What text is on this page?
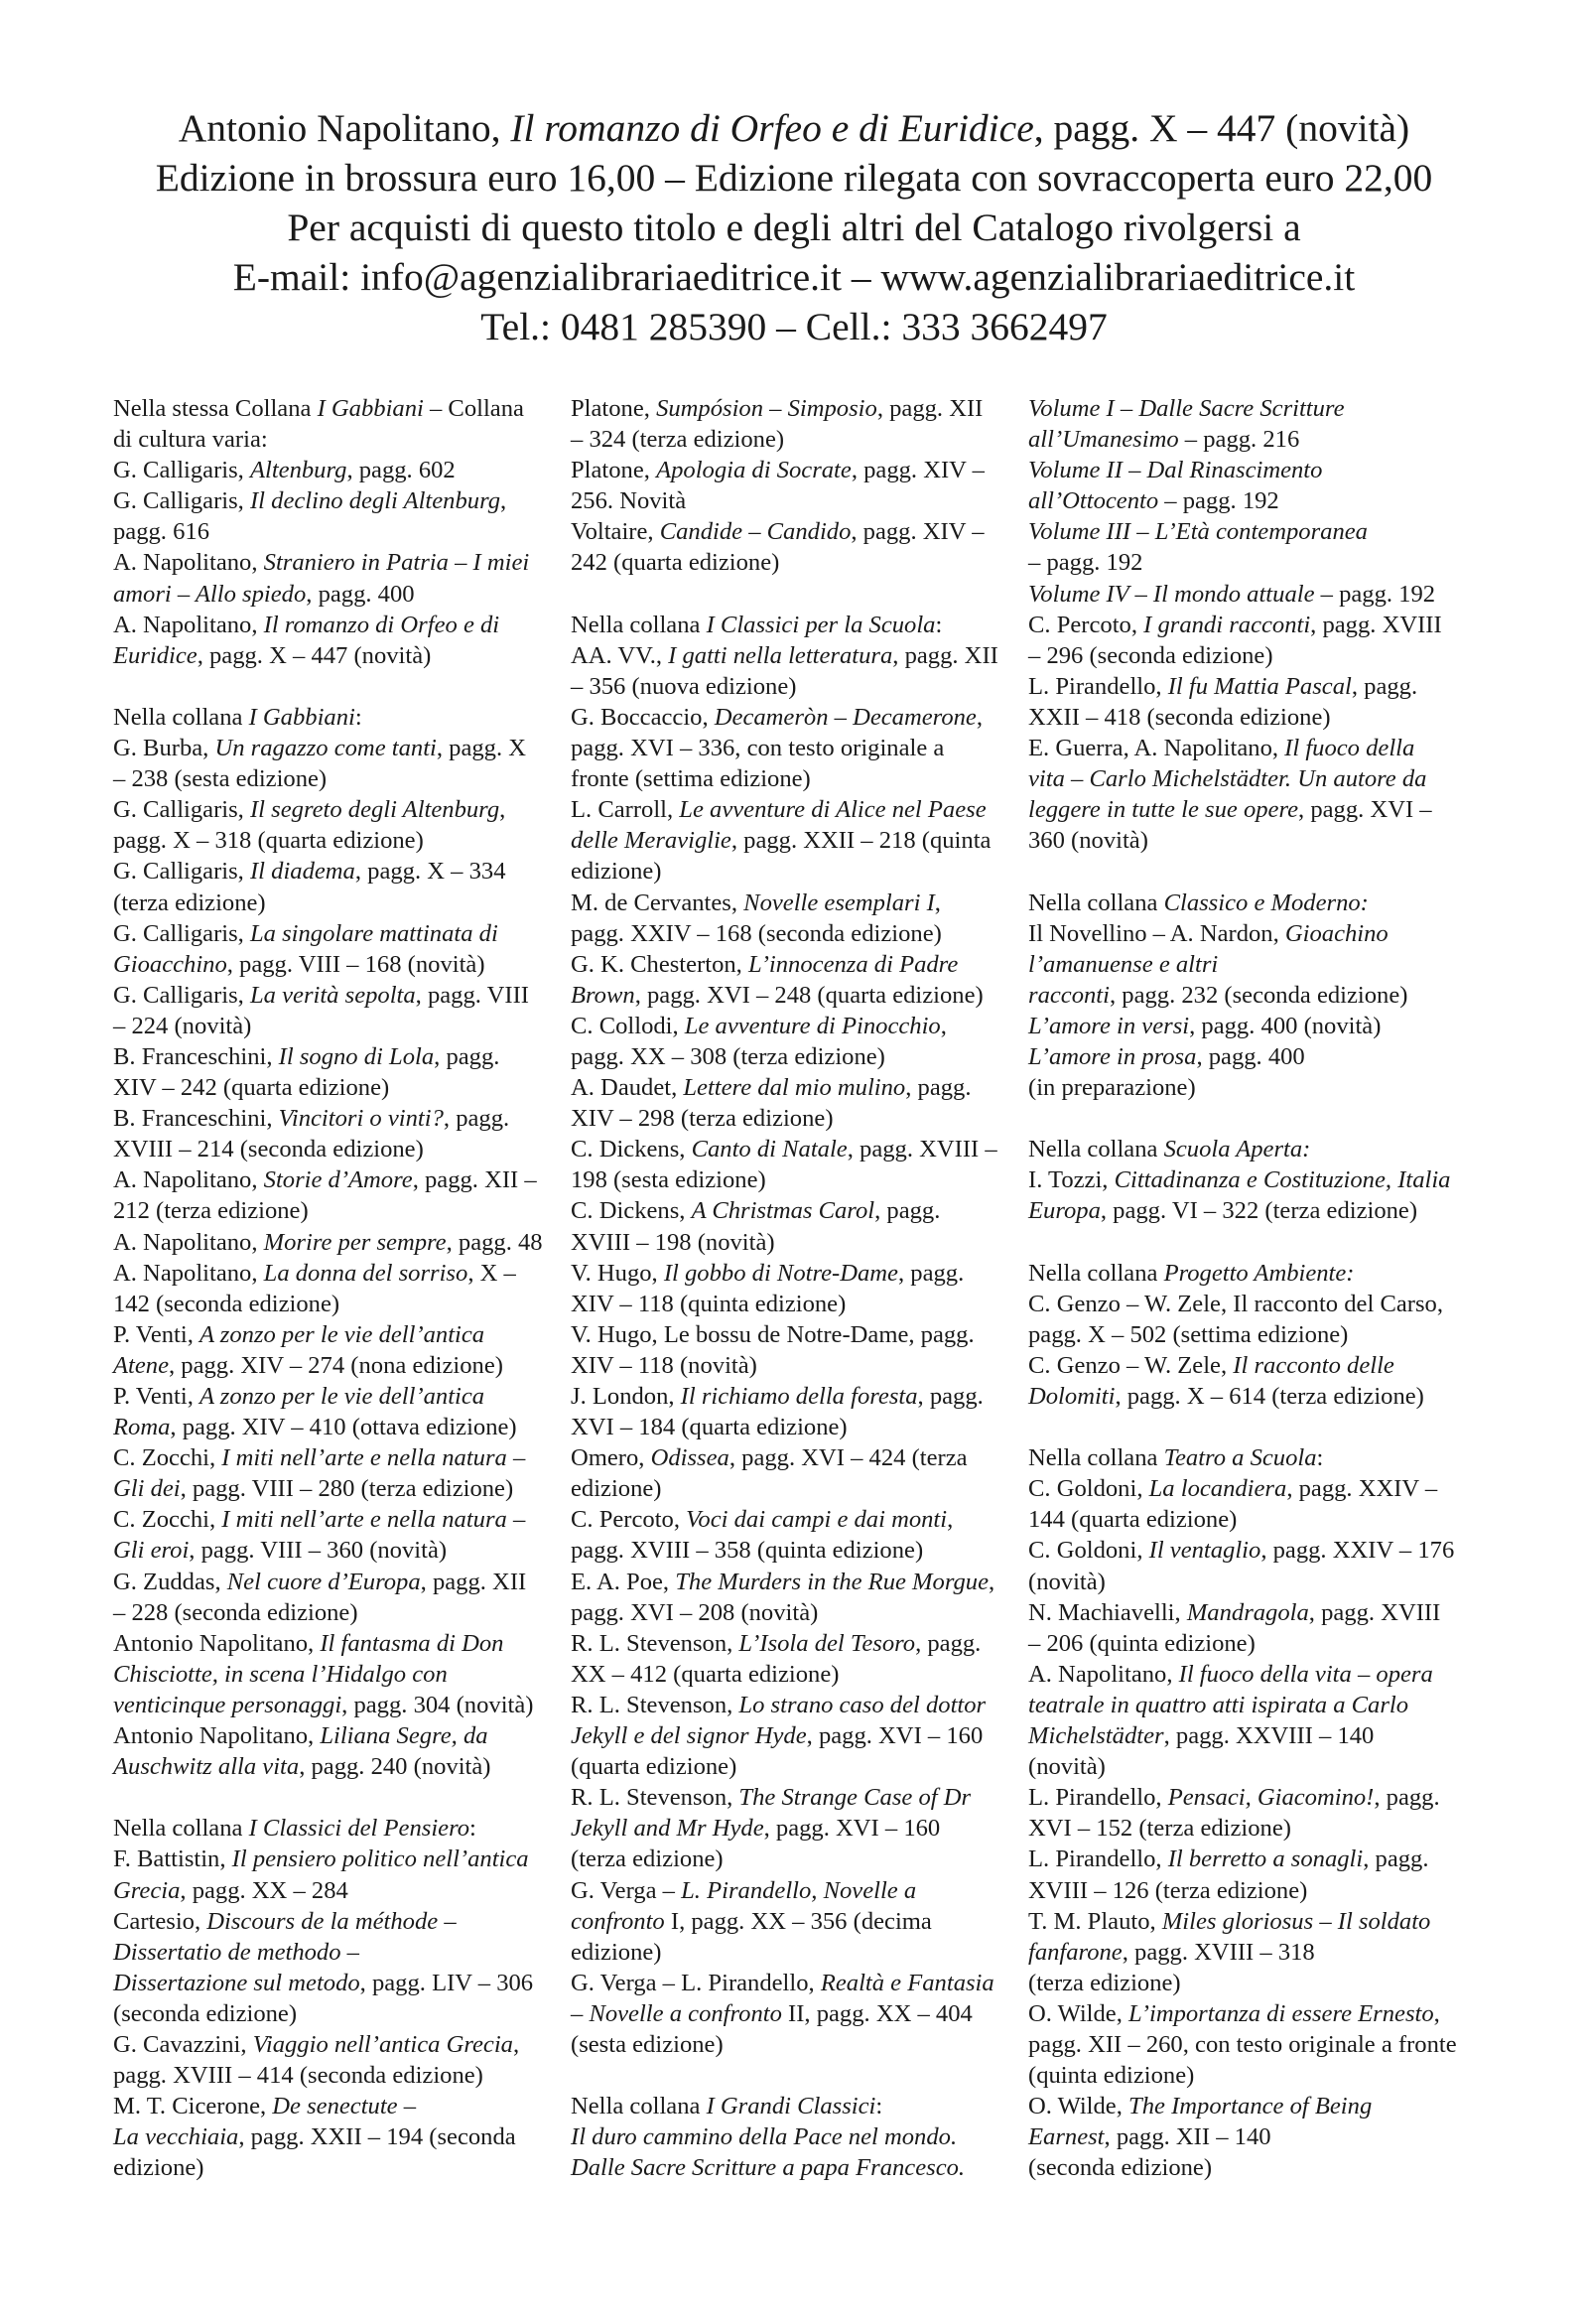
Antonio Napolitano, Il romanzo di Orfeo e di Euridice, pagg. X – 447 (novità)
Edizione in brossura euro 16,00 – Edizione rilegata con sovraccoperta euro 22,00
Per acquisti di questo titolo e degli altri del Catalogo rivolgersi a
E-mail: info@agenzialibrariaeditrice.it – www.agenzialibrariaeditrice.it
Tel.: 0481 285390 – Cell.: 333 3662497
Nella stessa Collana I Gabbiani – Collana
di cultura varia:
G. Calligaris, Altenburg, pagg. 602
G. Calligaris, Il declino degli Altenburg,
pagg. 616
A. Napolitano, Straniero in Patria – I miei
amori – Allo spiedo, pagg. 400
A. Napolitano, Il romanzo di Orfeo e di
Euridice, pagg. X – 447 (novità)
Nella collana I Gabbiani:
G. Burba, Un ragazzo come tanti, pagg. X
– 238 (sesta edizione)
G. Calligaris, Il segreto degli Altenburg,
pagg. X – 318 (quarta edizione)
G. Calligaris, Il diadema, pagg. X – 334
(terza edizione)
G. Calligaris, La singolare mattinata di
Gioacchino, pagg. VIII – 168 (novità)
G. Calligaris, La verità sepolta, pagg. VIII
– 224 (novità)
B. Franceschini, Il sogno di Lola, pagg.
XIV – 242 (quarta edizione)
B. Franceschini, Vincitori o vinti?, pagg.
XVIII – 214 (seconda edizione)
A. Napolitano, Storie d’Amore, pagg. XII –
212 (terza edizione)
A. Napolitano, Morire per sempre, pagg. 48
A. Napolitano, La donna del sorriso, X –
142 (seconda edizione)
P. Venti, A zonzo per le vie dell’antica
Atene, pagg. XIV – 274 (nona edizione)
P. Venti, A zonzo per le vie dell’antica
Roma, pagg. XIV – 410 (ottava edizione)
C. Zocchi, I miti nell’arte e nella natura –
Gli dei, pagg. VIII – 280 (terza edizione)
C. Zocchi, I miti nell’arte e nella natura –
Gli eroi, pagg. VIII – 360 (novità)
G. Zuddas, Nel cuore d’Europa, pagg. XII
– 228 (seconda edizione)
Antonio Napolitano, Il fantasma di Don
Chisciotte, in scena l’Hidalgo con
venticinque personaggi, pagg. 304 (novità)
Antonio Napolitano, Liliana Segre, da
Auschwitz alla vita, pagg. 240 (novità)
Nella collana I Classici del Pensiero:
F. Battistin, Il pensiero politico nell’antica
Grecia, pagg. XX – 284
Cartesio, Discours de la méthode –
Dissertatio de methodo –
Dissertazione sul metodo, pagg. LIV – 306
(seconda edizione)
G. Cavazzini, Viaggio nell’antica Grecia,
pagg. XVIII – 414 (seconda edizione)
M. T. Cicerone, De senectute –
La vecchiaia, pagg. XXII – 194 (seconda
edizione)
Platone, Sumpósion – Simposio, pagg. XII
– 324 (terza edizione)
Platone, Apologia di Socrate, pagg. XIV –
256. Novità
Voltaire, Candide – Candido, pagg. XIV –
242 (quarta edizione)
Nella collana I Classici per la Scuola:
AA. VV., I gatti nella letteratura, pagg. XII
– 356 (nuova edizione)
G. Boccaccio, Decameròn – Decamerone,
pagg. XVI – 336, con testo originale a
fronte (settima edizione)
L. Carroll, Le avventure di Alice nel Paese
delle Meraviglie, pagg. XXII – 218 (quinta
edizione)
M. de Cervantes, Novelle esemplari I,
pagg. XXIV – 168 (seconda edizione)
G. K. Chesterton, L’innocenza di Padre
Brown, pagg. XVI – 248 (quarta edizione)
C. Collodi, Le avventure di Pinocchio,
pagg. XX – 308 (terza edizione)
A. Daudet, Lettere dal mio mulino, pagg.
XIV – 298 (terza edizione)
C. Dickens, Canto di Natale, pagg. XVIII –
198 (sesta edizione)
C. Dickens, A Christmas Carol, pagg.
XVIII – 198 (novità)
V. Hugo, Il gobbo di Notre-Dame, pagg.
XIV – 118 (quinta edizione)
V. Hugo, Le bossu de Notre-Dame, pagg.
XIV – 118 (novità)
J. London, Il richiamo della foresta, pagg.
XVI – 184 (quarta edizione)
Omero, Odissea, pagg. XVI – 424 (terza
edizione)
C. Percoto, Voci dai campi e dai monti,
pagg. XVIII – 358 (quinta edizione)
E. A. Poe, The Murders in the Rue Morgue,
pagg. XVI – 208 (novità)
R. L. Stevenson, L’Isola del Tesoro, pagg.
XX – 412 (quarta edizione)
R. L. Stevenson, Lo strano caso del dottor
Jekyll e del signor Hyde, pagg. XVI – 160
(quarta edizione)
R. L. Stevenson, The Strange Case of Dr
Jekyll and Mr Hyde, pagg. XVI – 160
(terza edizione)
G. Verga – L. Pirandello, Novelle a
confronto I, pagg. XX – 356 (decima
edizione)
G. Verga – L. Pirandello, Realtà e Fantasia
– Novelle a confronto II, pagg. XX – 404
(sesta edizione)
Nella collana I Grandi Classici:
Il duro cammino della Pace nel mondo.
Dalle Sacre Scritture a papa Francesco.
Volume I – Dalle Sacre Scritture
all’Umanesimo – pagg. 216
Volume II – Dal Rinascimento
all’Ottocento – pagg. 192
Volume III – L’Età contemporanea
– pagg. 192
Volume IV – Il mondo attuale – pagg. 192
C. Percoto, I grandi racconti, pagg. XVIII
– 296 (seconda edizione)
L. Pirandello, Il fu Mattia Pascal, pagg.
XXII – 418 (seconda edizione)
E. Guerra, A. Napolitano, Il fuoco della
vita – Carlo Michelstädter. Un autore da
leggere in tutte le sue opere, pagg. XVI –
360 (novità)
Nella collana Classico e Moderno:
Il Novellino – A. Nardon, Gioachino
l’amanuense e altri
racconti, pagg. 232 (seconda edizione)
L’amore in versi, pagg. 400 (novità)
L’amore in prosa, pagg. 400
(in preparazione)
Nella collana Scuola Aperta:
I. Tozzi, Cittadinanza e Costituzione, Italia
Europa, pagg. VI – 322 (terza edizione)
Nella collana Progetto Ambiente:
C. Genzo – W. Zele, Il racconto del Carso,
pagg. X – 502 (settima edizione)
C. Genzo – W. Zele, Il racconto delle
Dolomiti, pagg. X – 614 (terza edizione)
Nella collana Teatro a Scuola:
C. Goldoni, La locandiera, pagg. XXIV –
144 (quarta edizione)
C. Goldoni, Il ventaglio, pagg. XXIV – 176
(novità)
N. Machiavelli, Mandragola, pagg. XVIII
– 206 (quinta edizione)
A. Napolitano, Il fuoco della vita – opera
teatrale in quattro atti ispirata a Carlo
Michelstädter, pagg. XXVIII – 140
(novità)
L. Pirandello, Pensaci, Giacomino!, pagg.
XVI – 152 (terza edizione)
L. Pirandello, Il berretto a sonagli, pagg.
XVIII – 126 (terza edizione)
T. M. Plauto, Miles gloriosus – Il soldato
fanfarone, pagg. XVIII – 318
(terza edizione)
O. Wilde, L’importanza di essere Ernesto,
pagg. XII – 260, con testo originale a fronte
(quinta edizione)
O. Wilde, The Importance of Being
Earnest, pagg. XII – 140
(seconda edizione)
